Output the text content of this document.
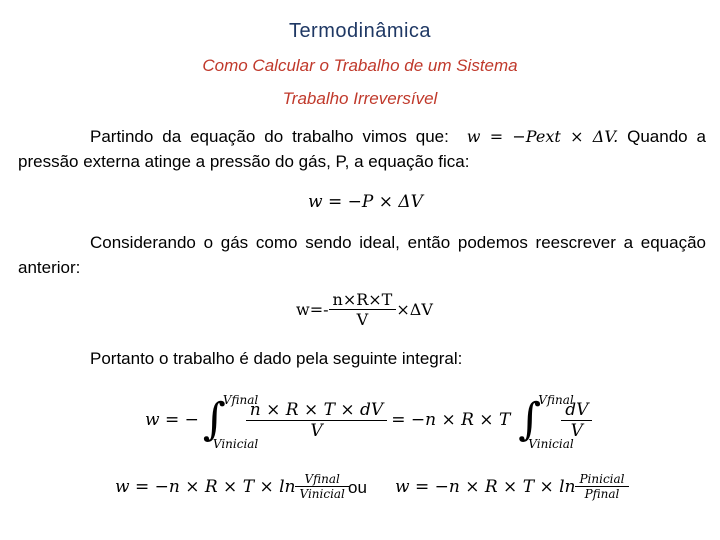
Termodinâmica
Como Calcular o Trabalho de um Sistema
Trabalho Irreversível
Partindo da equação do trabalho vimos que: w = −Pext × ΔV. Quando a pressão externa atinge a pressão do gás, P, a equação fica:
w = −P × ΔV
Considerando o gás como sendo ideal, então podemos reescrever a equação anterior:
$w=- \frac{n\times R\times T}{V} \times\Delta V$
Portanto o trabalho é dado pela seguinte integral:
w = − ∫
Vfinal
Vinicial
$\frac{n \times R \times T \times dV}{V} = -n \times R \times T$ ∫
Vfinal
Vinicial
$\frac{dV}{V}$
$w = -n \times R \times T \times \ln \frac{\text{Vfinal}}{\text{Vinicial}}$ ou $w = -n \times R \times T \times \ln \frac{\text{Pinicial}}{\text{Pfinal}}$
